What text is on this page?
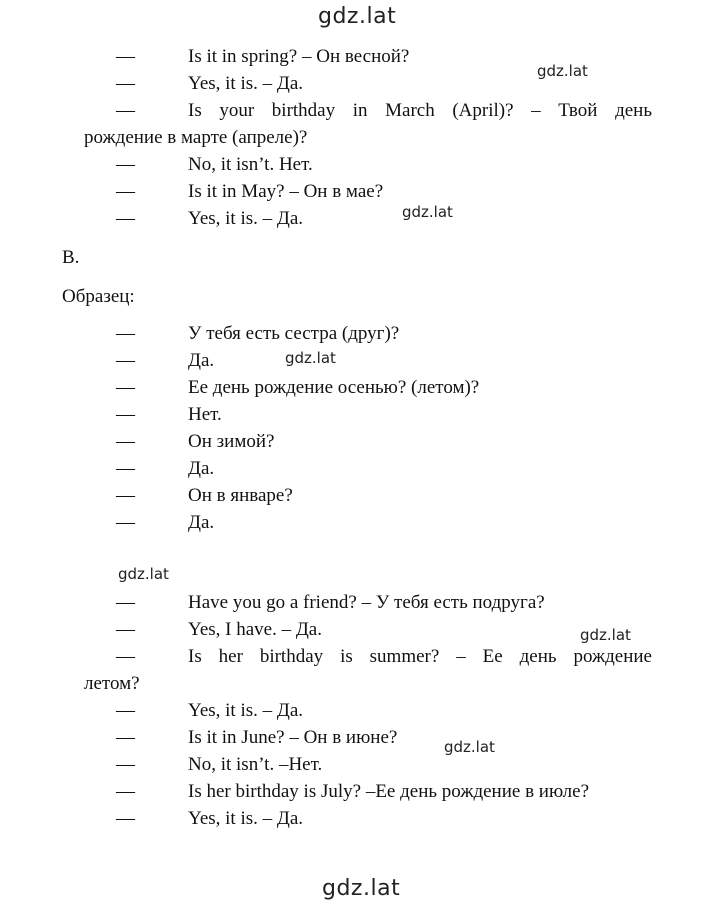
gdz.lat
gdz.lat
gdz.lat
gdz.lat
gdz.lat
gdz.lat
gdz.lat
gdz.lat
—	Is it in spring? – Он весной?
—	Yes, it is. – Да.
—	Is your birthday in March (April)? – Твой день
рождение в марте (апреле)?
—	No, it isn’t. Нет.
—	Is it in May? – Он в мае?
—	Yes, it is. – Да.
B.
Образец:
—	У тебя есть сестра (друг)?
—	Да.
—	Ее день рождение осенью? (летом)?
—	Нет.
—	Он зимой?
—	Да.
—	Он в январе?
—	Да.
—	Have you go a friend? – У тебя есть подруга?
—	Yes, I have. – Да.
—	Is her birthday is summer? – Ее день рождение
летом?
—	Yes, it is. – Да.
—	Is it in June? – Он в июне?
—	No, it isn’t. –Нет.
—	Is her birthday is July? –Ее день рождение в июле?
—	Yes, it is. – Да.
